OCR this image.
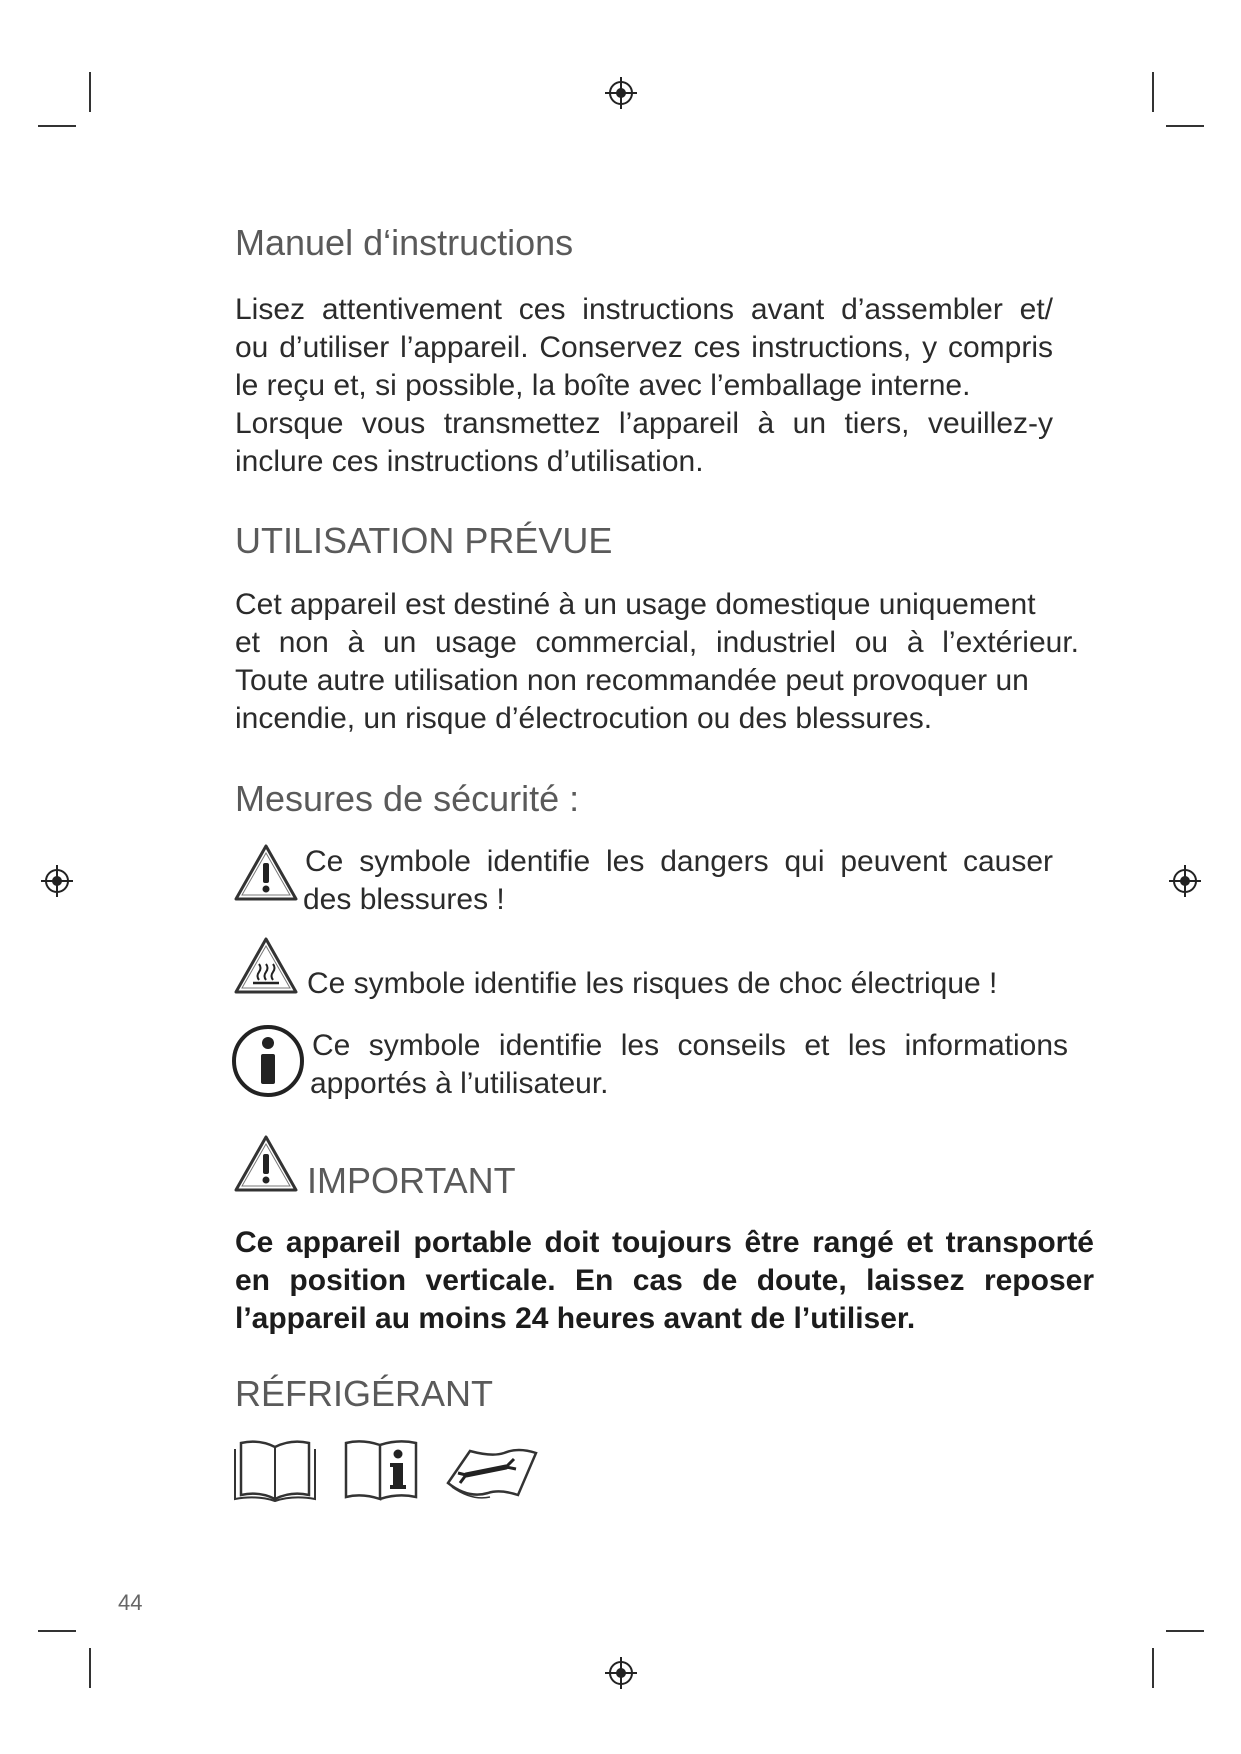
Manuel d‘instructions
Lisez attentivement ces instructions avant d’assembler et/
ou d’utiliser l’appareil. Conservez ces instructions, y compris
le reçu et, si possible, la boîte avec l’emballage interne.
Lorsque vous transmettez l’appareil à un tiers, veuillez-y
inclure ces instructions d’utilisation.
UTILISATION PRÉVUE
Cet appareil est destiné à un usage domestique uniquement
et non à un usage commercial, industriel ou à l’extérieur.
Toute autre utilisation non recommandée peut provoquer un
incendie, un risque d’électrocution ou des blessures.
Mesures de sécurité :
Ce symbole identifie les dangers qui peuvent causer
des blessures !
Ce symbole identifie les risques de choc électrique !
Ce symbole identifie les conseils et les informations
apportés à l’utilisateur.
IMPORTANT
Ce appareil portable doit toujours être rangé et transporté
en position verticale. En cas de doute, laissez reposer
l’appareil au moins 24 heures avant de l’utiliser.
RÉFRIGÉRANT
44
